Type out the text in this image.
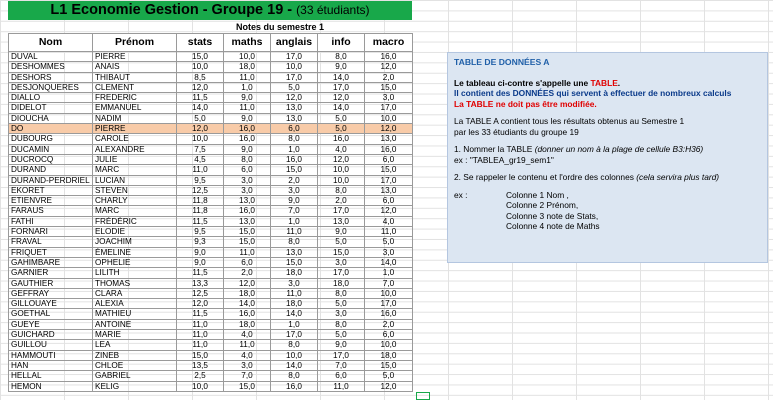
L1 Economie Gestion - Groupe 19 - (33 étudiants)
Notes du semestre 1
Nom	Prénom	stats	maths	anglais	info	macro
DUVAL	PIERRE	15,0	10,0	17,0	8,0	16,0
DESHOMMES	ANAIS	10,0	18,0	10,0	9,0	12,0
DESHORS	THIBAUT	8,5	11,0	17,0	14,0	2,0
DESJONQUERES	CLEMENT	12,0	1,0	5,0	17,0	15,0
DIALLO	FREDERIC	11,5	9,0	12,0	12,0	3,0
DIDELOT	EMMANUEL	14,0	11,0	13,0	14,0	17,0
DIOUCHA	NADIM	5,0	9,0	13,0	5,0	10,0
DO	PIERRE	12,0	16,0	6,0	5,0	12,0
DUBOURG	CAROLE	10,0	16,0	8,0	16,0	13,0
DUCAMIN	ALEXANDRE	7,5	9,0	1,0	4,0	16,0
DUCROCQ	JULIE	4,5	8,0	16,0	12,0	6,0
DURAND	MARC	11,0	6,0	15,0	10,0	15,0
DURAND-PERDRIEL	LUCIAN	9,5	3,0	2,0	10,0	17,0
EKORET	STEVEN	12,5	3,0	3,0	8,0	13,0
ETIENVRE	CHARLY	11,8	13,0	9,0	2,0	6,0
FARAUS	MARC	11,8	16,0	7,0	17,0	12,0
FATHI	FRÉDÉRIC	11,5	13,0	1,0	13,0	4,0
FORNARI	ELODIE	9,5	15,0	11,0	9,0	11,0
FRAVAL	JOACHIM	9,3	15,0	8,0	5,0	5,0
FRIQUET	ÉMELINE	9,0	11,0	13,0	15,0	3,0
GAHIMBARE	OPHELIE	9,0	6,0	15,0	3,0	14,0
GARNIER	LILITH	11,5	2,0	18,0	17,0	1,0
GAUTHIER	THOMAS	13,3	12,0	3,0	18,0	7,0
GEFFRAY	CLARA	12,5	18,0	11,0	8,0	10,0
GILLOUAYE	ALEXIA	12,0	14,0	18,0	5,0	17,0
GOETHAL	MATHIEU	11,5	16,0	14,0	3,0	16,0
GUEYE	ANTOINE	11,0	18,0	1,0	8,0	2,0
GUICHARD	MARIE	11,0	4,0	17,0	5,0	6,0
GUILLOU	LEA	11,0	11,0	8,0	9,0	10,0
HAMMOUTI	ZINEB	15,0	4,0	10,0	17,0	18,0
HAN	CHLOE	13,5	3,0	14,0	7,0	15,0
HELLAL	GABRIEL	2,5	7,0	8,0	6,0	5,0
HEMON	KELIG	10,0	15,0	16,0	11,0	12,0
TABLE DE DONNÉES A
Le tableau ci-contre s'appelle une TABLE.
Il contient des DONNÉES qui servent à effectuer de nombreux calculs
La TABLE ne doit pas être modifiée.
La TABLE A contient tous les résultats obtenus au Semestre 1
par les 33 étudiants du groupe 19
1. Nommer la TABLE (donner un nom à la plage de cellule B3:H36)
ex : "TABLEA_gr19_sem1"
2. Se rappeler le contenu et l'ordre des colonnes (cela servira plus tard)
ex :	Colonne 1 Nom ,
Colonne 2 Prénom,
Colonne 3 note de Stats,
Colonne 4 note de Maths
